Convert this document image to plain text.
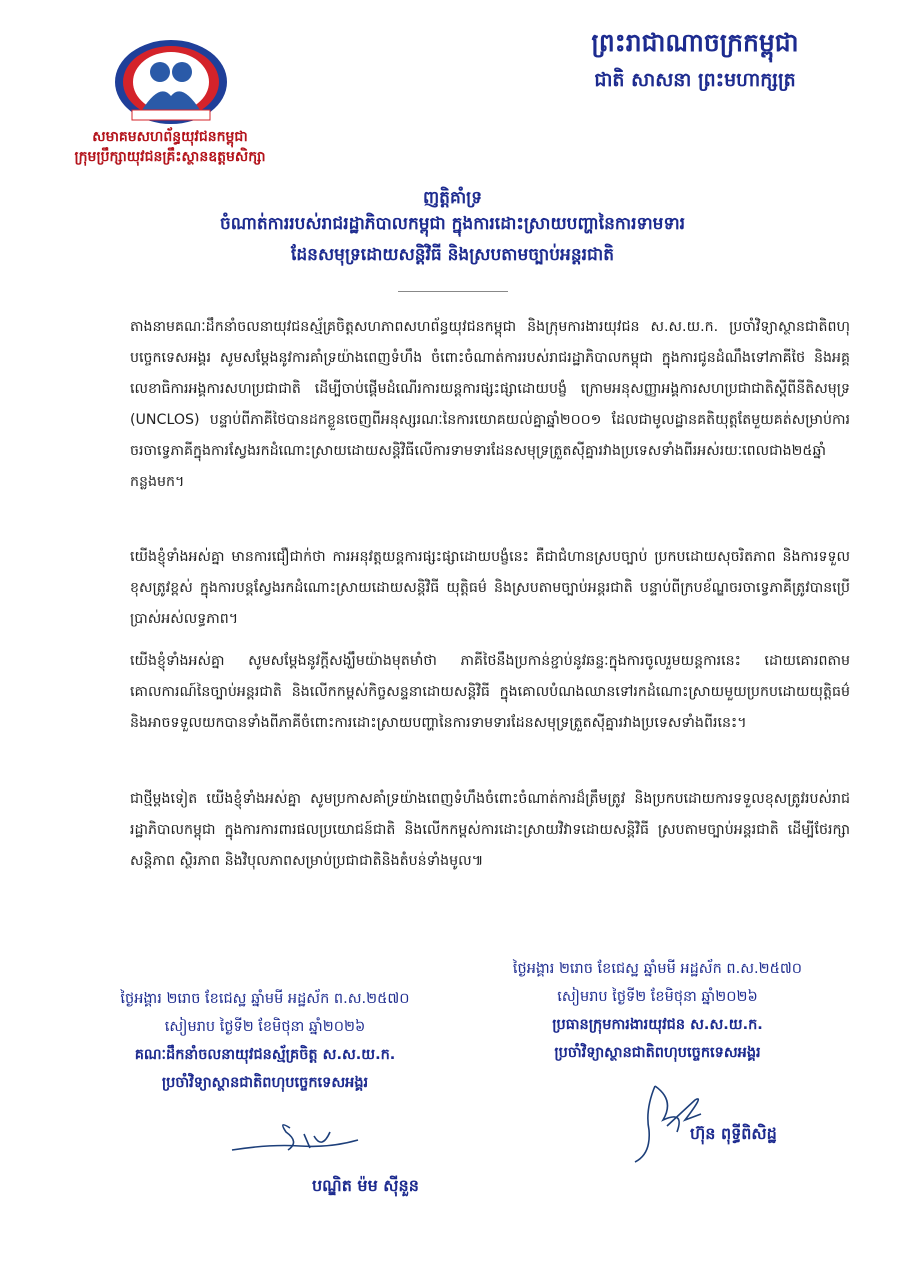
សមាគមសហព័ន្ធយុវជនកម្ពុជា
ក្រុមប្រឹក្សាយុវជនគ្រឹះស្ថានឧត្តមសិក្សា
ព្រះរាជាណាចក្រកម្ពុជា
ជាតិ សាសនា ព្រះមហាក្សត្រ
ញត្តិគាំទ្រ
ចំណាត់ការរបស់រាជរដ្ឋាភិបាលកម្ពុជា ក្នុងការដោះស្រាយបញ្ហានៃការទាមទារ
ដែនសមុទ្រដោយសន្តិវិធី និងស្របតាមច្បាប់អន្តរជាតិ
តាងនាមគណៈដឹកនាំចលនាយុវជនស្ម័គ្រចិត្តសហភាពសហព័ន្ធយុវជនកម្ពុជា និងក្រុមការងារយុវជន ស.ស.យ.ក. ប្រចាំវិទ្យាស្ថានជាតិពហុបច្ចេកទេសអង្គរ សូមសម្តែងនូវការគាំទ្រយ៉ាងពេញទំហឹង ចំពោះចំណាត់ការរបស់រាជរដ្ឋាភិបាលកម្ពុជា ក្នុងការជូនដំណឹងទៅភាគីថៃ និងអគ្គលេខាធិការអង្គការសហប្រជាជាតិ ដើម្បីចាប់ផ្តើមដំណើរការយន្តការផ្សះផ្សាដោយបង្ខំ ក្រោមអនុសញ្ញាអង្គការសហប្រជាជាតិស្តីពីនីតិសមុទ្រ (UNCLOS) បន្ទាប់ពីភាគីថៃបានដកខ្លួនចេញពីអនុស្សរណៈនៃការយោគយល់គ្នាឆ្នាំ២០០១ ដែលជាមូលដ្ឋានគតិយុត្តតែមួយគត់សម្រាប់ការចរចាទ្វេភាគីក្នុងការស្វែងរកដំណោះស្រាយដោយសន្តិវិធីលើការទាមទារដែនសមុទ្រត្រួតស៊ីគ្នារវាងប្រទេសទាំងពីរអស់រយៈពេលជាង២៥ឆ្នាំ កន្លងមក។
យើងខ្ញុំទាំងអស់គ្នា មានការជឿជាក់ថា ការអនុវត្តយន្តការផ្សះផ្សាដោយបង្ខំនេះ គឺជាជំហានស្របច្បាប់ ប្រកបដោយសុចរិតភាព និងការទទួលខុសត្រូវខ្ពស់ ក្នុងការបន្តស្វែងរកដំណោះស្រាយដោយសន្តិវិធី យុត្តិធម៌ និងស្របតាមច្បាប់អន្តរជាតិ បន្ទាប់ពីក្របខ័ណ្ឌចរចាទ្វេភាគីត្រូវបានប្រើប្រាស់អស់លទ្ធភាព។
យើងខ្ញុំទាំងអស់គ្នា សូមសម្តែងនូវក្តីសង្ឃឹមយ៉ាងមុតមាំថា ភាគីថៃនឹងប្រកាន់ខ្ជាប់នូវឆន្ទៈក្នុងការចូលរួមយន្តការនេះ ដោយគោរពតាមគោលការណ៍នៃច្បាប់អន្តរជាតិ និងលើកកម្ពស់កិច្ចសន្ទនាដោយសន្តិវិធី ក្នុងគោលបំណងឈានទៅរកដំណោះស្រាយមួយប្រកបដោយយុត្តិធម៌ និងអាចទទួលយកបានទាំងពីភាគីចំពោះការដោះស្រាយបញ្ហានៃការទាមទារដែនសមុទ្រត្រួតស៊ីគ្នារវាងប្រទេសទាំងពីរនេះ។
ជាថ្មីម្តងទៀត យើងខ្ញុំទាំងអស់គ្នា សូមប្រកាសគាំទ្រយ៉ាងពេញទំហឹងចំពោះចំណាត់ការដ៏ត្រឹមត្រូវ និងប្រកបដោយការទទួលខុសត្រូវរបស់រាជរដ្ឋាភិបាលកម្ពុជា ក្នុងការការពារផលប្រយោជន៍ជាតិ និងលើកកម្ពស់ការដោះស្រាយវិវាទដោយសន្តិវិធី ស្របតាមច្បាប់អន្តរជាតិ ដើម្បីថែរក្សាសន្តិភាព ស្ថិរភាព និងវិបុលភាពសម្រាប់ប្រជាជាតិនិងតំបន់ទាំងមូល៕
ថ្ងៃអង្គារ ២រោច ខែជេស្ឋ ឆ្នាំមមី អដ្ឋស័ក ព.ស.២៥៧០
សៀមរាប ថ្ងៃទី២ ខែមិថុនា ឆ្នាំ២០២៦
គណៈដឹកនាំចលនាយុវជនស្ម័គ្រចិត្ត ស.ស.យ.ក.
ប្រចាំវិទ្យាស្ថានជាតិពហុបច្ចេកទេសអង្គរ
បណ្ឌិត ម៉ម ស៊ីនួន
ថ្ងៃអង្គារ ២រោច ខែជេស្ឋ ឆ្នាំមមី អដ្ឋស័ក ព.ស.២៥៧០
សៀមរាប ថ្ងៃទី២ ខែមិថុនា ឆ្នាំ២០២៦
ប្រធានក្រុមការងារយុវជន ស.ស.យ.ក.
ប្រចាំវិទ្យាស្ថានជាតិពហុបច្ចេកទេសអង្គរ
ហ៊ុន ពុទ្ធីពិសិដ្ឋ
